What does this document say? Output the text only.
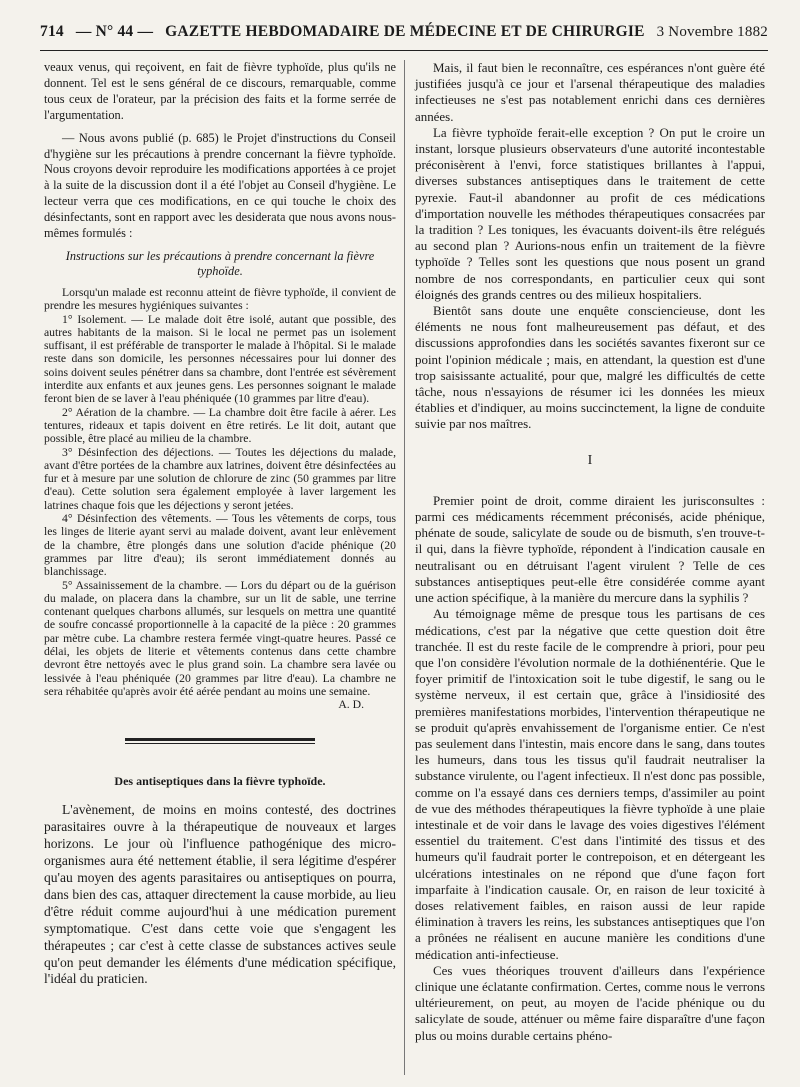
714 — N° 44 — GAZETTE HEBDOMADAIRE DE MÉDECINE ET DE CHIRURGIE 3 Novembre 1882

veaux venus, qui reçoivent, en fait de fièvre typhoïde, plus qu'ils ne donnent. Tel est le sens général de ce discours, remarquable, comme tous ceux de l'orateur, par la précision des faits et la forme serrée de l'argumentation.

— Nous avons publié (p. 685) le Projet d'instructions du Conseil d'hygiène sur les précautions à prendre concernant la fièvre typhoïde. Nous croyons devoir reproduire les modifications apportées à ce projet à la suite de la discussion dont il a été l'objet au Conseil d'hygiène. Le lecteur verra que ces modifications, en ce qui touche le choix des désinfectants, sont en rapport avec les desiderata que nous avons nous-mêmes formulés :

Instructions sur les précautions à prendre concernant la fièvre typhoïde.

Lorsqu'un malade est reconnu atteint de fièvre typhoïde, il convient de prendre les mesures hygiéniques suivantes :

1° Isolement. — Le malade doit être isolé, autant que possible, des autres habitants de la maison. Si le local ne permet pas un isolement suffisant, il est préférable de transporter le malade à l'hôpital. Si le malade reste dans son domicile, les personnes nécessaires pour lui donner des soins doivent seules pénétrer dans sa chambre, dont l'entrée est sévèrement interdite aux enfants et aux jeunes gens. Les personnes soignant le malade feront bien de se laver à l'eau phéniquée (10 grammes par litre d'eau).

2° Aération de la chambre. — La chambre doit être facile à aérer. Les tentures, rideaux et tapis doivent en être retirés. Le lit doit, autant que possible, être placé au milieu de la chambre.

3° Désinfection des déjections. — Toutes les déjections du malade, avant d'être portées de la chambre aux latrines, doivent être désinfectées au fur et à mesure par une solution de chlorure de zinc (50 grammes par litre d'eau). Cette solution sera également employée à laver largement les latrines chaque fois que les déjections y seront jetées.

4° Désinfection des vêtements. — Tous les vêtements de corps, tous les linges de literie ayant servi au malade doivent, avant leur enlèvement de la chambre, être plongés dans une solution d'acide phénique (20 grammes par litre d'eau); ils seront immédiatement donnés au blanchissage.

5° Assainissement de la chambre. — Lors du départ ou de la guérison du malade, on placera dans la chambre, sur un lit de sable, une terrine contenant quelques charbons allumés, sur lesquels on mettra une quantité de soufre concassé proportionnelle à la capacité de la pièce : 20 grammes par mètre cube. La chambre restera fermée vingt-quatre heures. Passé ce délai, les objets de literie et vêtements contenus dans cette chambre devront être nettoyés avec le plus grand soin. La chambre sera lavée ou lessivée à l'eau phéniquée (20 grammes par litre d'eau). La chambre ne sera réhabitée qu'après avoir été aérée pendant au moins une semaine.

A. D.

Des antiseptiques dans la fièvre typhoïde.

L'avènement, de moins en moins contesté, des doctrines parasitaires ouvre à la thérapeutique de nouveaux et larges horizons. Le jour où l'influence pathogénique des micro-organismes aura été nettement établie, il sera légitime d'espérer qu'au moyen des agents parasitaires ou antiseptiques on pourra, dans bien des cas, attaquer directement la cause morbide, au lieu d'être réduit comme aujourd'hui à une médication purement symptomatique. C'est dans cette voie que s'engagent les thérapeutes ; car c'est à cette classe de substances actives seule qu'on peut demander les éléments d'une médication spécifique, l'idéal du praticien.

Mais, il faut bien le reconnaître, ces espérances n'ont guère été justifiées jusqu'à ce jour et l'arsenal thérapeutique des maladies infectieuses ne s'est pas notablement enrichi dans ces dernières années.

La fièvre typhoïde ferait-elle exception ? On put le croire un instant, lorsque plusieurs observateurs d'une autorité incontestable préconisèrent à l'envi, force statistiques brillantes à l'appui, diverses substances antiseptiques dans le traitement de cette pyrexie. Faut-il abandonner au profit de ces médications d'importation nouvelle les méthodes thérapeutiques consacrées par la tradition ? Les toniques, les évacuants doivent-ils être relégués au second plan ? Aurions-nous enfin un traitement de la fièvre typhoïde ? Telles sont les questions que nous posent un grand nombre de nos correspondants, en particulier ceux qui sont éloignés des grands centres ou des milieux hospitaliers.

Bientôt sans doute une enquête consciencieuse, dont les éléments ne nous font malheureusement pas défaut, et des discussions approfondies dans les sociétés savantes fixeront sur ce point l'opinion médicale ; mais, en attendant, la question est d'une trop saisissante actualité, pour que, malgré les difficultés de cette tâche, nous n'essayions de résumer ici les données les mieux établies et d'indiquer, au moins succinctement, la ligne de conduite suivie par nos maîtres.

I

Premier point de droit, comme diraient les jurisconsultes : parmi ces médicaments récemment préconisés, acide phénique, phénate de soude, salicylate de soude ou de bismuth, s'en trouve-t-il qui, dans la fièvre typhoïde, répondent à l'indication causale en neutralisant ou en détruisant l'agent virulent ? Telle de ces substances antiseptiques peut-elle être considérée comme ayant une action spécifique, à la manière du mercure dans la syphilis ?

Au témoignage même de presque tous les partisans de ces médications, c'est par la négative que cette question doit être tranchée. Il est du reste facile de le comprendre à priori, pour peu que l'on considère l'évolution normale de la dothiénentérie. Que le foyer primitif de l'intoxication soit le tube digestif, le sang ou le système nerveux, il est certain que, grâce à l'insidiosité des premières manifestations morbides, l'intervention thérapeutique ne se produit qu'après envahissement de l'organisme entier. Ce n'est pas seulement dans l'intestin, mais encore dans le sang, dans toutes les humeurs, dans tous les tissus qu'il faudrait neutraliser la substance virulente, ou l'agent infectieux. Il n'est donc pas possible, comme on l'a essayé dans ces derniers temps, d'assimiler au point de vue des méthodes thérapeutiques la fièvre typhoïde à une plaie intestinale et de voir dans le lavage des voies digestives l'élément essentiel du traitement. C'est dans l'intimité des tissus et des humeurs qu'il faudrait porter le contrepoison, et en détergeant les ulcérations intestinales on ne répond que d'une façon fort imparfaite à l'indication causale. Or, en raison de leur toxicité à doses relativement faibles, en raison aussi de leur rapide élimination à travers les reins, les substances antiseptiques que l'on a prônées ne réalisent en aucune manière les conditions d'une médication anti-infectieuse.

Ces vues théoriques trouvent d'ailleurs dans l'expérience clinique une éclatante confirmation. Certes, comme nous le verrons ultérieurement, on peut, au moyen de l'acide phénique ou du salicylate de soude, atténuer ou même faire disparaître d'une façon plus ou moins durable certains phéno-
